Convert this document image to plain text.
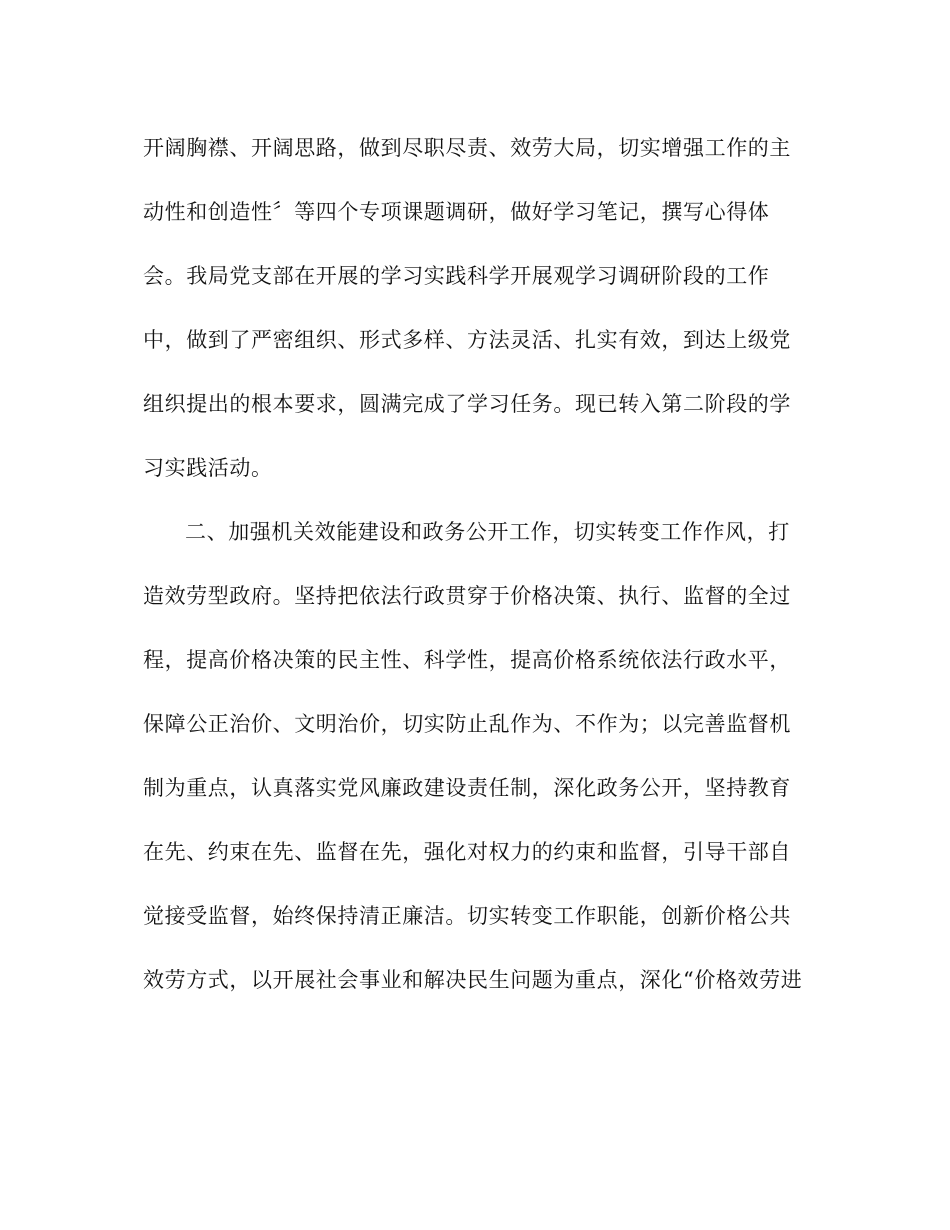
开阔胸襟、开阔思路，做到尽职尽责、效劳大局，切实增强工作的主
动性和创造性〞等四个专项课题调研，做好学习笔记，撰写心得体
会。我局党支部在开展的学习实践科学开展观学习调研阶段的工作
中，做到了严密组织、形式多样、方法灵活、扎实有效，到达上级党
组织提出的根本要求，圆满完成了学习任务。现已转入第二阶段的学
习实践活动。
二、加强机关效能建设和政务公开工作，切实转变工作作风，打
造效劳型政府。坚持把依法行政贯穿于价格决策、执行、监督的全过
程，提高价格决策的民主性、科学性，提高价格系统依法行政水平，
保障公正治价、文明治价，切实防止乱作为、不作为；以完善监督机
制为重点，认真落实党风廉政建设责任制，深化政务公开，坚持教育
在先、约束在先、监督在先，强化对权力的约束和监督，引导干部自
觉接受监督，始终保持清正廉洁。切实转变工作职能，创新价格公共
效劳方式，以开展社会事业和解决民生问题为重点，深化“价格效劳进
